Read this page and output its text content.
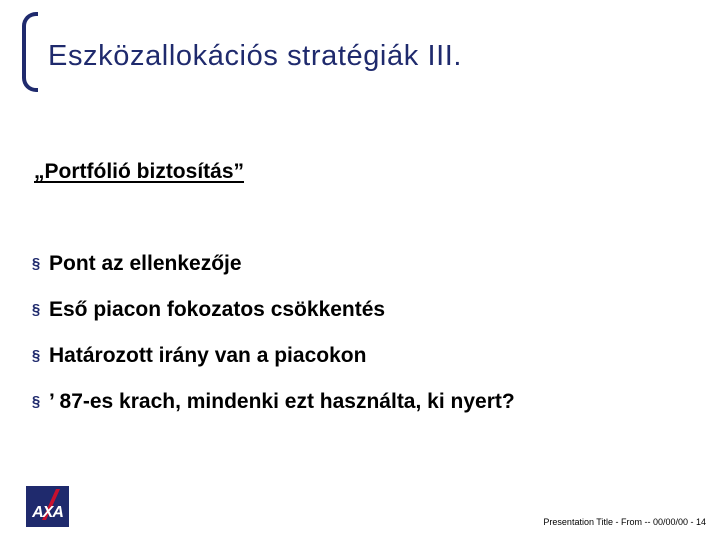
Eszközallokációs stratégiák III.
„Portfólió biztosítás”
§ Pont az ellenkezője
§ Eső piacon fokozatos csökkentés
§ Határozott irány van a piacokon
§ ’ 87-es krach, mindenki ezt használta, ki nyert?
AXA
Presentation Title - From -- 00/00/00 - 14
